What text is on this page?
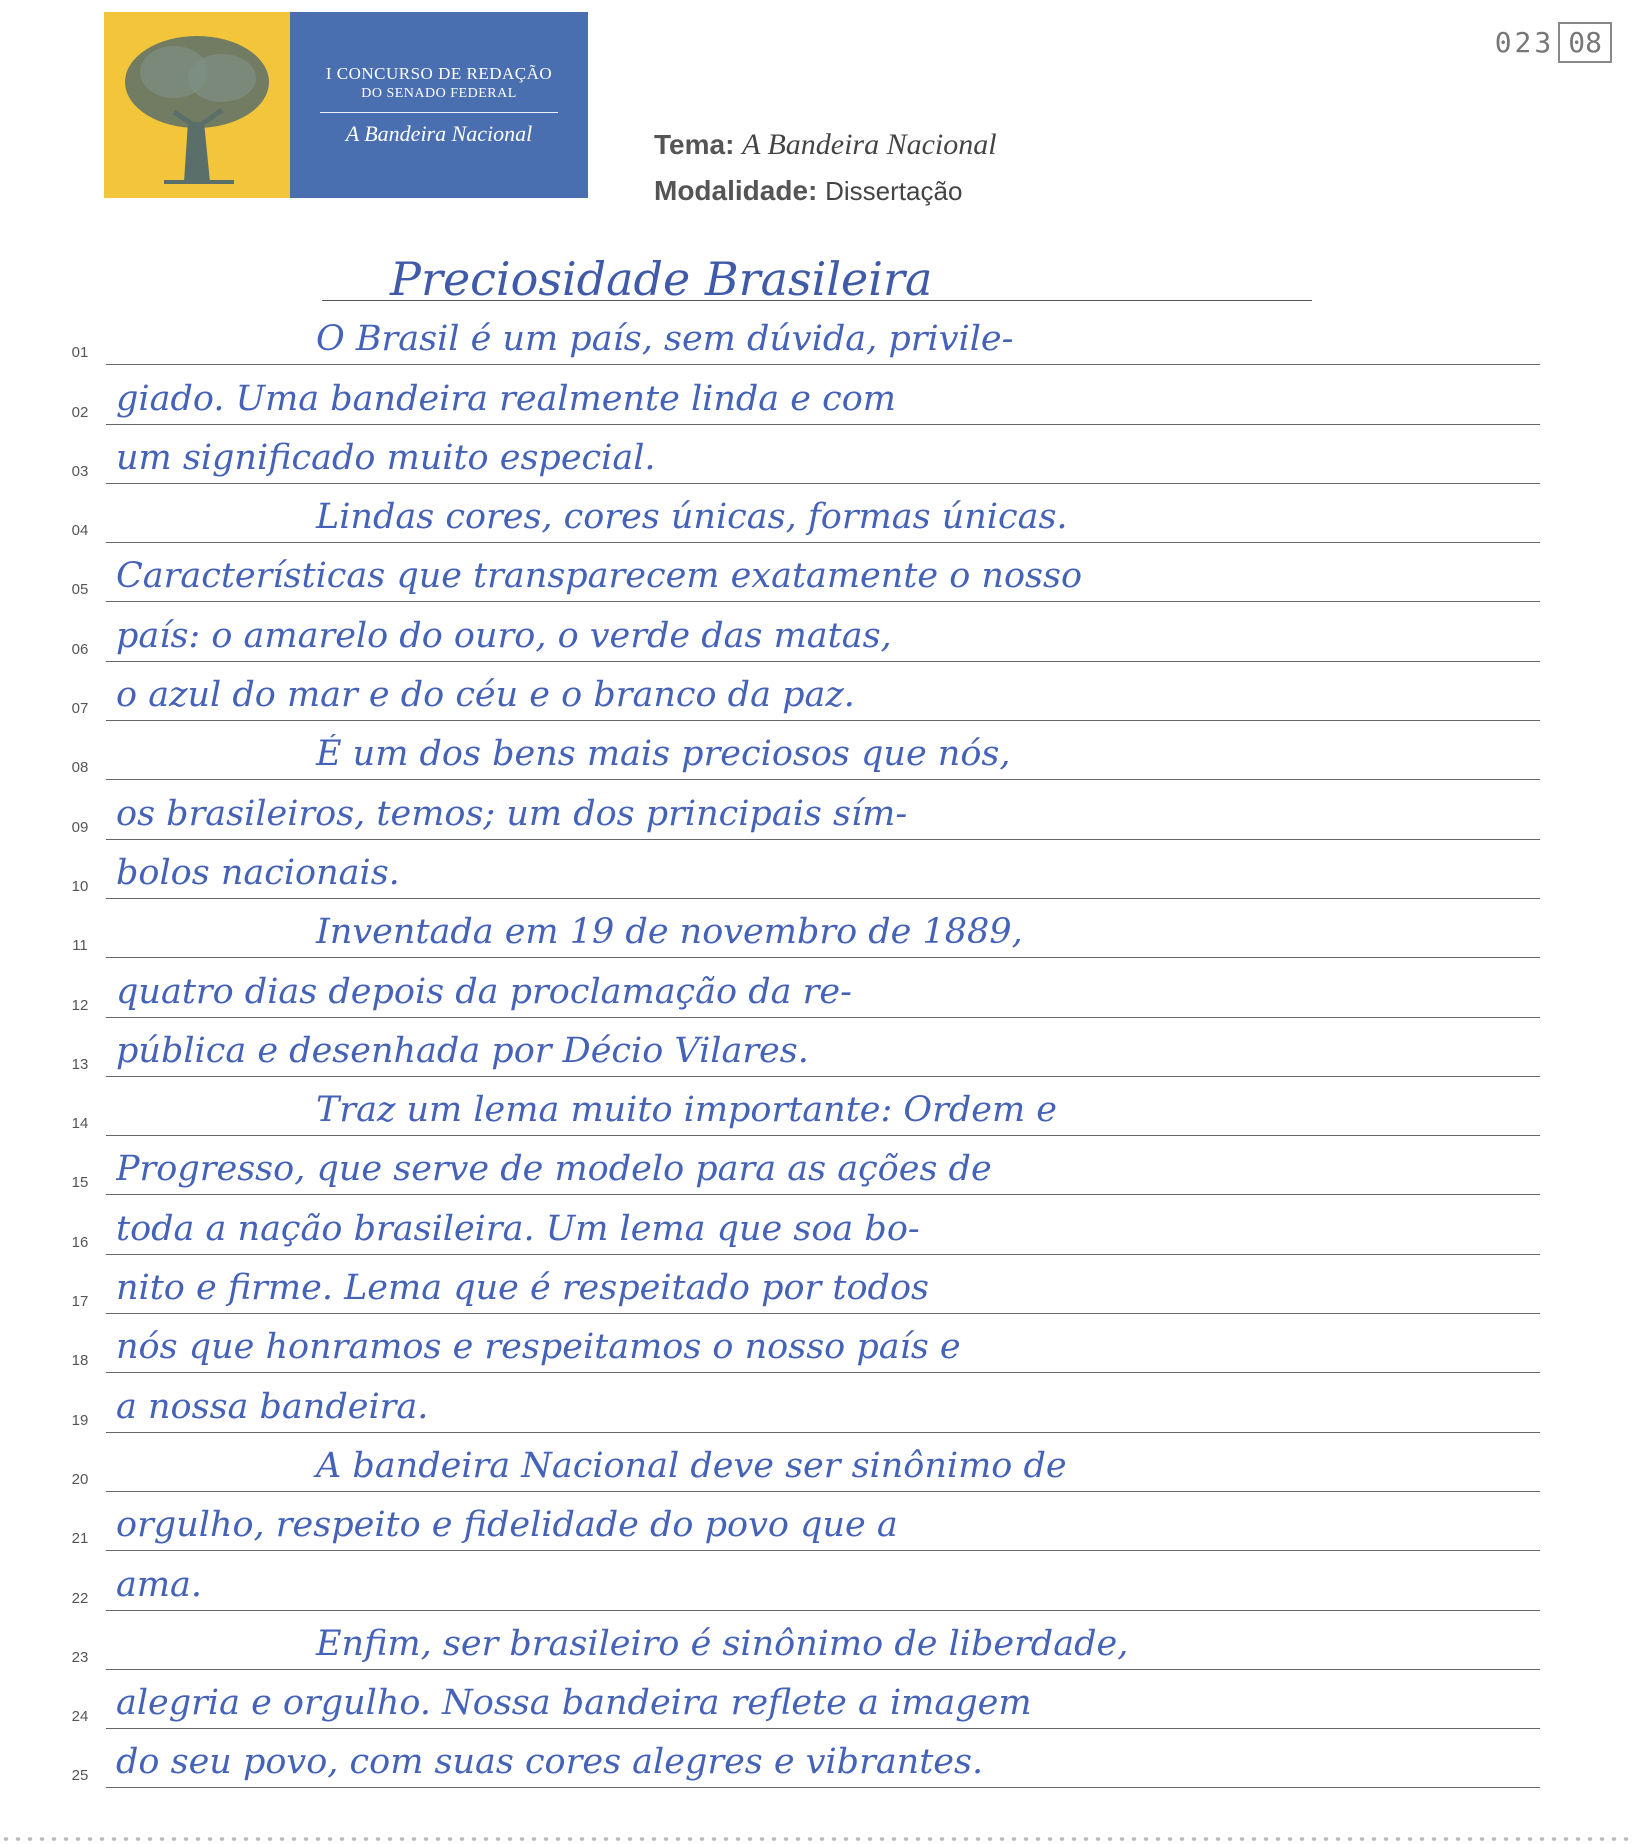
I CONCURSO DE REDAÇÃO
DO SENADO FEDERAL
A Bandeira Nacional	Tema: A Bandeira Nacional
Modalidade: Dissertação
023 08
Preciosidade Brasileira
01	O Brasil é um país, sem dúvida, privile-
02 giado. Uma bandeira realmente linda e com
03 um significado muito especial.
04	Lindas cores, cores únicas, formas únicas.
05 Características que transparecem exatamente o nosso
06 país: o amarelo do ouro, o verde das matas,
07 o azul do mar e do céu e o branco da paz.
08	É um dos bens mais preciosos que nós,
09 os brasileiros, temos; um dos principais sím-
10 bolos nacionais.
11	Inventada em 19 de novembro de 1889,
12 quatro dias depois da proclamação da re-
13 pública e desenhada por Décio Vilares.
14	Traz um lema muito importante: Ordem e
15 Progresso, que serve de modelo para as ações de
16 toda a nação brasileira. Um lema que soa bo-
17 nito e firme. Lema que é respeitado por todos
18 nós que honramos e respeitamos o nosso país e
19 a nossa bandeira.
20	A bandeira Nacional deve ser sinônimo de
21 orgulho, respeito e fidelidade do povo que a
22 ama.
23	Enfim, ser brasileiro é sinônimo de liberdade,
24 alegria e orgulho. Nossa bandeira reflete a imagem
25 do seu povo, com suas cores alegres e vibrantes.
